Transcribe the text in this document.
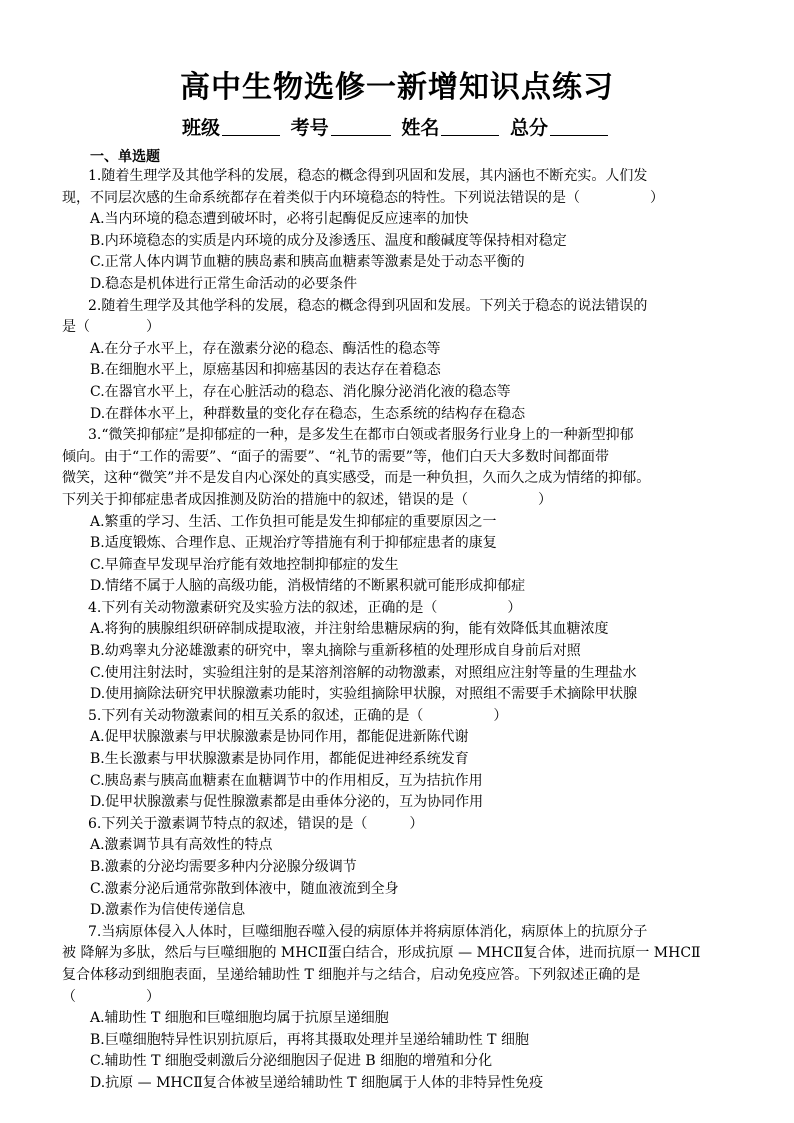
高中生物选修一新增知识点练习
班级	考号	姓名	总分
一、单选题
1.随着生理学及其他学科的发展，稳态的概念得到巩固和发展，其内涵也不断充实。人们发
现，不同层次感的生命系统都存在着类似于内环境稳态的特性。下列说法错误的是（　　　　　）
A.当内环境的稳态遭到破坏时，必将引起酶促反应速率的加快
B.内环境稳态的实质是内环境的成分及渗透压、温度和酸碱度等保持相对稳定
C.正常人体内调节血糖的胰岛素和胰高血糖素等激素是处于动态平衡的
D.稳态是机体进行正常生命活动的必要条件
2.随着生理学及其他学科的发展，稳态的概念得到巩固和发展。下列关于稳态的说法错误的
是（　　　　）
A.在分子水平上，存在激素分泌的稳态、酶活性的稳态等
B.在细胞水平上，原癌基因和抑癌基因的表达存在着稳态
C.在器官水平上，存在心脏活动的稳态、消化腺分泌消化液的稳态等
D.在群体水平上，种群数量的变化存在稳态，生态系统的结构存在稳态
3.“微笑抑郁症”是抑郁症的一种，是多发生在都市白领或者服务行业身上的一种新型抑郁
倾向。由于“工作的需要”、“面子的需要”、“礼节的需要”等，他们白天大多数时间都面带
微笑，这种“微笑”并不是发自内心深处的真实感受，而是一种负担，久而久之成为情绪的抑郁。
下列关于抑郁症患者成因推测及防治的措施中的叙述，错误的是（　　　　　）
A.繁重的学习、生活、工作负担可能是发生抑郁症的重要原因之一
B.适度锻炼、合理作息、正规治疗等措施有利于抑郁症患者的康复
C.早筛查早发现早治疗能有效地控制抑郁症的发生
D.情绪不属于人脑的高级功能，消极情绪的不断累积就可能形成抑郁症
4.下列有关动物激素研究及实验方法的叙述，正确的是（　　　　　）
A.将狗的胰腺组织研碎制成提取液，并注射给患糖尿病的狗，能有效降低其血糖浓度
B.幼鸡睾丸分泌雄激素的研究中，睾丸摘除与重新移植的处理形成自身前后对照
C.使用注射法时，实验组注射的是某溶剂溶解的动物激素，对照组应注射等量的生理盐水
D.使用摘除法研究甲状腺激素功能时，实验组摘除甲状腺，对照组不需要手术摘除甲状腺
5.下列有关动物激素间的相互关系的叙述，正确的是（　　　　　）
A.促甲状腺激素与甲状腺激素是协同作用，都能促进新陈代谢
B.生长激素与甲状腺激素是协同作用，都能促进神经系统发育
C.胰岛素与胰高血糖素在血糖调节中的作用相反，互为拮抗作用
D.促甲状腺激素与促性腺激素都是由垂体分泌的，互为协同作用
6.下列关于激素调节特点的叙述，错误的是（　　　）
A.激素调节具有高效性的特点
B.激素的分泌均需要多种内分泌腺分级调节
C.激素分泌后通常弥散到体液中，随血液流到全身
D.激素作为信使传递信息
7.当病原体侵入人体时，巨噬细胞吞噬入侵的病原体并将病原体消化，病原体上的抗原分子
被 降解为多肽，然后与巨噬细胞的 MHCⅡ蛋白结合，形成抗原 — MHCⅡ复合体，进而抗原一 MHCⅡ
复合体移动到细胞表面，呈递给辅助性 T 细胞并与之结合，启动免疫应答。下列叙述正确的是
（　　　　　）
A.辅助性 T 细胞和巨噬细胞均属于抗原呈递细胞
B.巨噬细胞特异性识别抗原后，再将其摄取处理并呈递给辅助性 T 细胞
C.辅助性 T 细胞受刺激后分泌细胞因子促进 B 细胞的增殖和分化
D.抗原 — MHCⅡ复合体被呈递给辅助性 T 细胞属于人体的非特异性免疫
